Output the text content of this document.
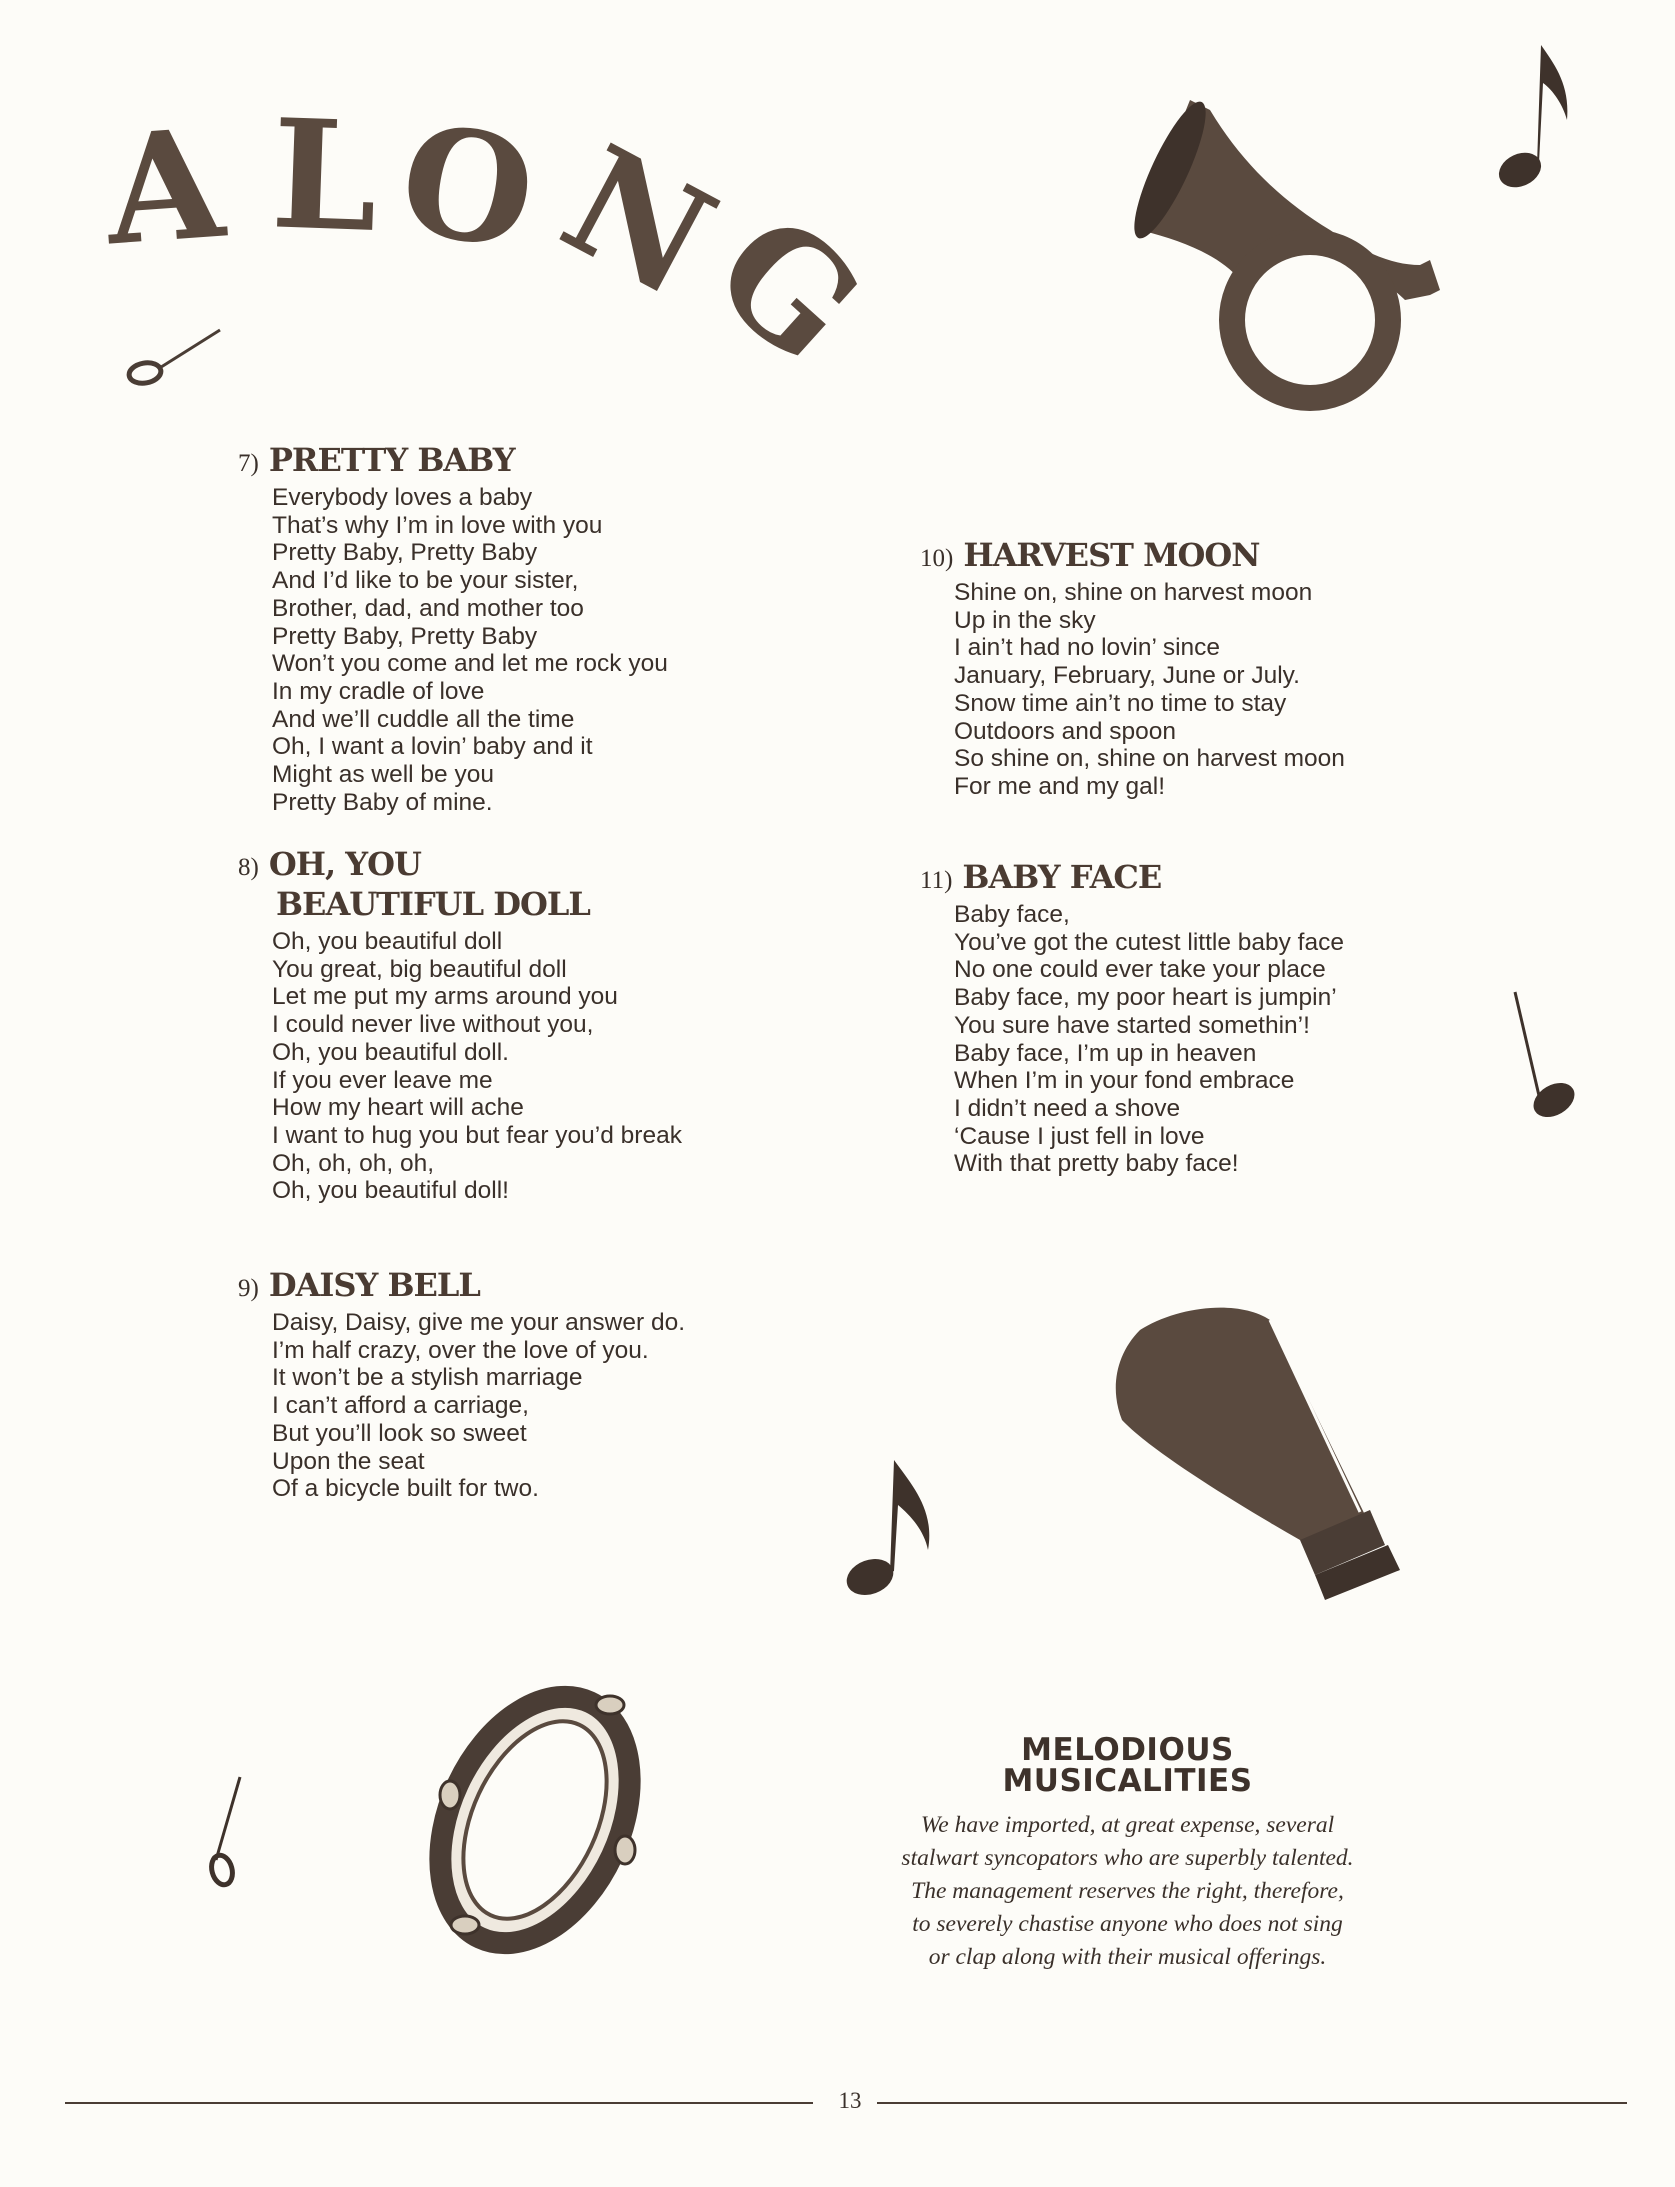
A L O
N
G
7) PRETTY BABY
Everybody loves a baby
That’s why I’m in love with you
Pretty Baby, Pretty Baby
And I’d like to be your sister,
Brother, dad, and mother too
Pretty Baby, Pretty Baby
Won’t you come and let me rock you
In my cradle of love
And we’ll cuddle all the time
Oh, I want a lovin’ baby and it
Might as well be you
Pretty Baby of mine.
8) OH, YOU
BEAUTIFUL DOLL
Oh, you beautiful doll
You great, big beautiful doll
Let me put my arms around you
I could never live without you,
Oh, you beautiful doll.
If you ever leave me
How my heart will ache
I want to hug you but fear you’d break
Oh, oh, oh, oh,
Oh, you beautiful doll!
9) DAISY BELL
Daisy, Daisy, give me your answer do.
I’m half crazy, over the love of you.
It won’t be a stylish marriage
I can’t afford a carriage,
But you’ll look so sweet
Upon the seat
Of a bicycle built for two.
10) HARVEST MOON
Shine on, shine on harvest moon
Up in the sky
I ain’t had no lovin’ since
January, February, June or July.
Snow time ain’t no time to stay
Outdoors and spoon
So shine on, shine on harvest moon
For me and my gal!
11) BABY FACE
Baby face,
You’ve got the cutest little baby face
No one could ever take your place
Baby face, my poor heart is jumpin’
You sure have started somethin’!
Baby face, I’m up in heaven
When I’m in your fond embrace
I didn’t need a shove
‘Cause I just fell in love
With that pretty baby face!
MELODIOUS
MUSICALITIES
We have imported, at great expense, several
stalwart syncopators who are superbly talented.
The management reserves the right, therefore,
to severely chastise anyone who does not sing
or clap along with their musical offerings.
13
